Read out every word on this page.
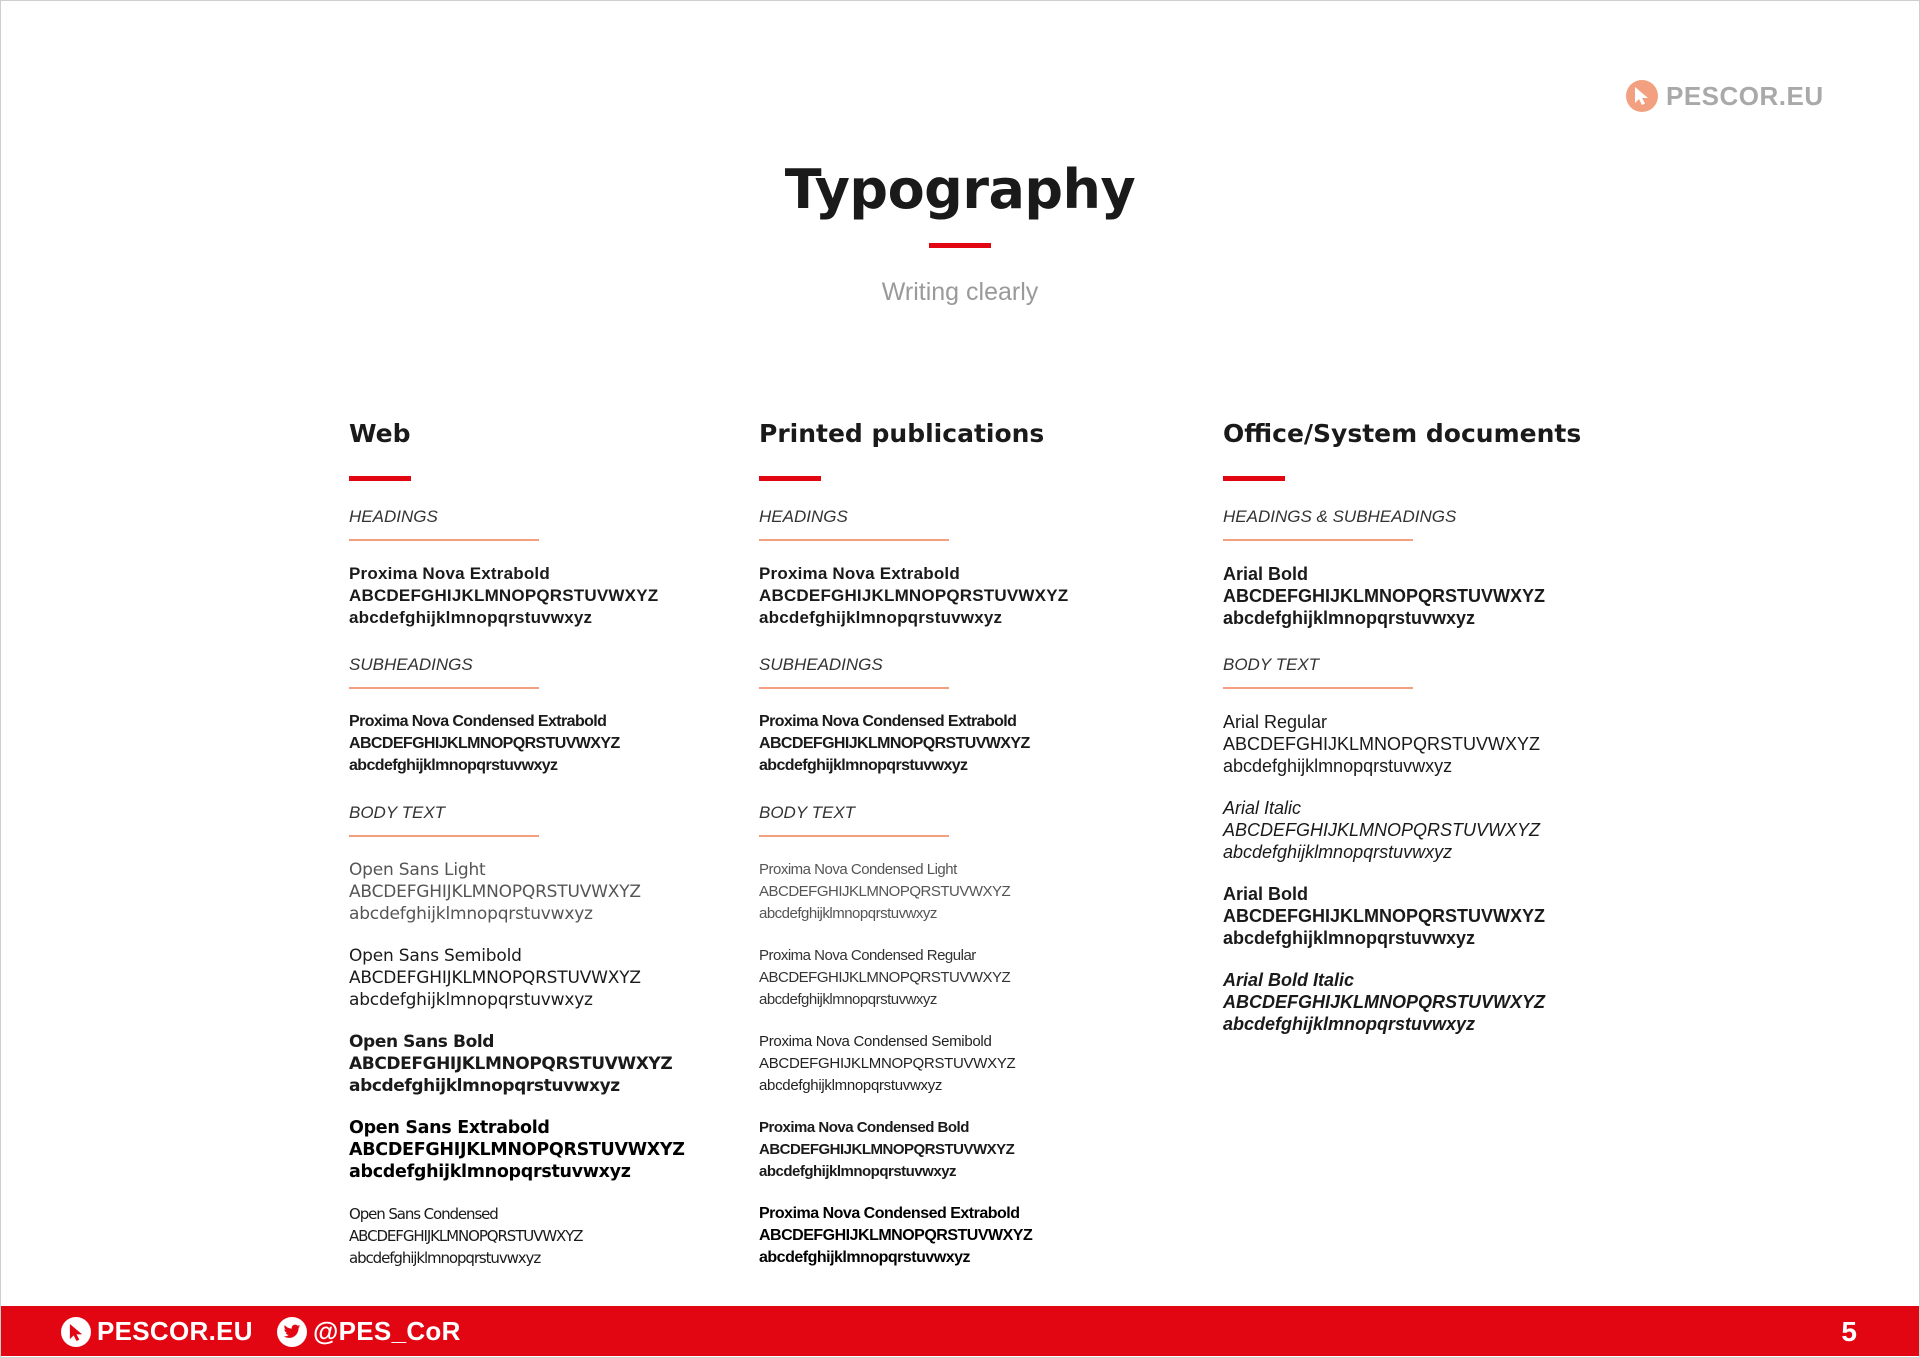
PESCOR.EU
Typography
Writing clearly
Web
HEADINGS
Proxima Nova Extrabold
ABCDEFGHIJKLMNOPQRSTUVWXYZ
abcdefghijklmnopqrstuvwxyz
SUBHEADINGS
Proxima Nova Condensed Extrabold
ABCDEFGHIJKLMNOPQRSTUVWXYZ
abcdefghijklmnopqrstuvwxyz
BODY TEXT
Open Sans Light
ABCDEFGHIJKLMNOPQRSTUVWXYZ
abcdefghijklmnopqrstuvwxyz
Open Sans Semibold
ABCDEFGHIJKLMNOPQRSTUVWXYZ
abcdefghijklmnopqrstuvwxyz
Open Sans Bold
ABCDEFGHIJKLMNOPQRSTUVWXYZ
abcdefghijklmnopqrstuvwxyz
Open Sans Extrabold
ABCDEFGHIJKLMNOPQRSTUVWXYZ
abcdefghijklmnopqrstuvwxyz
Open Sans Condensed
ABCDEFGHIJKLMNOPQRSTUVWXYZ
abcdefghijklmnopqrstuvwxyz
Printed publications
HEADINGS
Proxima Nova Extrabold
ABCDEFGHIJKLMNOPQRSTUVWXYZ
abcdefghijklmnopqrstuvwxyz
SUBHEADINGS
Proxima Nova Condensed Extrabold
ABCDEFGHIJKLMNOPQRSTUVWXYZ
abcdefghijklmnopqrstuvwxyz
BODY TEXT
Proxima Nova Condensed Light
ABCDEFGHIJKLMNOPQRSTUVWXYZ
abcdefghijklmnopqrstuvwxyz
Proxima Nova Condensed Regular
ABCDEFGHIJKLMNOPQRSTUVWXYZ
abcdefghijklmnopqrstuvwxyz
Proxima Nova Condensed Semibold
ABCDEFGHIJKLMNOPQRSTUVWXYZ
abcdefghijklmnopqrstuvwxyz
Proxima Nova Condensed Bold
ABCDEFGHIJKLMNOPQRSTUVWXYZ
abcdefghijklmnopqrstuvwxyz
Proxima Nova Condensed Extrabold
ABCDEFGHIJKLMNOPQRSTUVWXYZ
abcdefghijklmnopqrstuvwxyz
Office/System documents
HEADINGS & SUBHEADINGS
Arial Bold
ABCDEFGHIJKLMNOPQRSTUVWXYZ
abcdefghijklmnopqrstuvwxyz
BODY TEXT
Arial Regular
ABCDEFGHIJKLMNOPQRSTUVWXYZ
abcdefghijklmnopqrstuvwxyz
Arial Italic
ABCDEFGHIJKLMNOPQRSTUVWXYZ
abcdefghijklmnopqrstuvwxyz
Arial Bold
ABCDEFGHIJKLMNOPQRSTUVWXYZ
abcdefghijklmnopqrstuvwxyz
Arial Bold Italic
ABCDEFGHIJKLMNOPQRSTUVWXYZ
abcdefghijklmnopqrstuvwxyz
PESCOR.EU @PES_CoR	5
